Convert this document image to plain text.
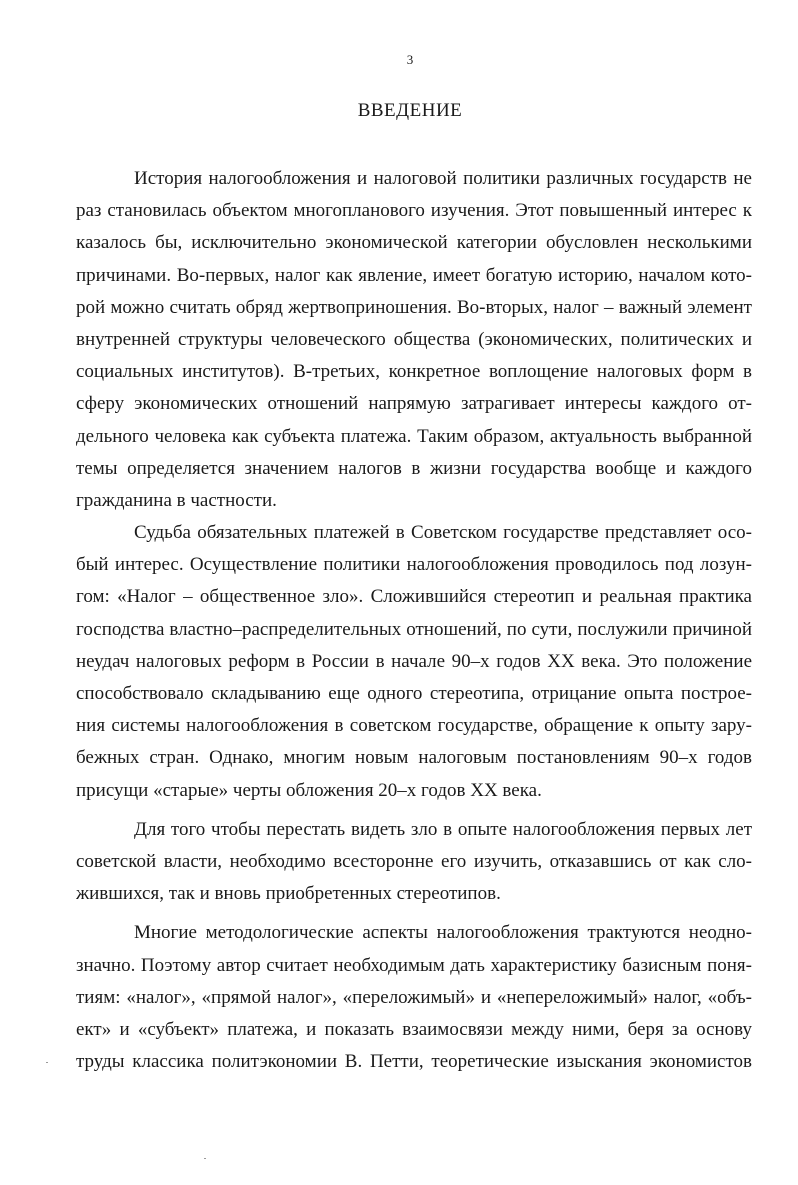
3
ВВЕДЕНИЕ
История налогообложения и налоговой политики различных государств не
раз становилась объектом многопланового изучения. Этот повышенный интерес к
казалось бы, исключительно экономической категории обусловлен несколькими
причинами. Во-первых, налог как явление, имеет богатую историю, началом кото-
рой можно считать обряд жертвоприношения. Во-вторых, налог – важный элемент
внутренней структуры человеческого общества (экономических, политических и
социальных институтов). В-третьих, конкретное воплощение налоговых форм в
сферу экономических отношений напрямую затрагивает интересы каждого от-
дельного человека как субъекта платежа. Таким образом, актуальность выбранной
темы определяется значением налогов в жизни государства вообще и каждого
гражданина в частности.
Судьба обязательных платежей в Советском государстве представляет осо-
бый интерес. Осуществление политики налогообложения проводилось под лозун-
гом: «Налог – общественное зло». Сложившийся стереотип и реальная практика
господства властно–распределительных отношений, по сути, послужили причиной
неудач налоговых реформ в России в начале 90–х годов XX века. Это положение
способствовало складыванию еще одного стереотипа, отрицание опыта построе-
ния системы налогообложения в советском государстве, обращение к опыту зару-
бежных стран. Однако, многим новым налоговым постановлениям 90–х годов
присущи «старые» черты обложения 20–х годов XX века.
Для того чтобы перестать видеть зло в опыте налогообложения первых лет
советской власти, необходимо всесторонне его изучить, отказавшись от как сло-
жившихся, так и вновь приобретенных стереотипов.
Многие методологические аспекты налогообложения трактуются неодно-
значно. Поэтому автор считает необходимым дать характеристику базисным поня-
тиям: «налог», «прямой налог», «переложимый» и «непереложимый» налог, «объ-
ект» и «субъект» платежа, и показать взаимосвязи между ними, беря за основу
труды классика политэкономии В. Петти, теоретические изыскания экономистов
